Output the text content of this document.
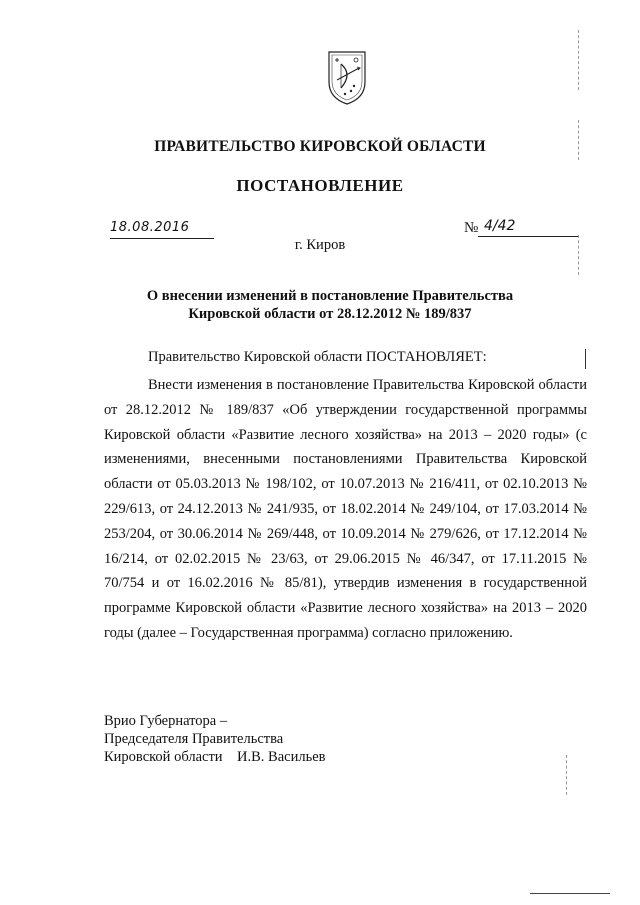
ПРАВИТЕЛЬСТВО КИРОВСКОЙ ОБЛАСТИ
ПОСТАНОВЛЕНИЕ
18.08.2016	№ 4/42
г. Киров
О внесении изменений в постановление Правительства
Кировской области от 28.12.2012 № 189/837
Правительство Кировской области ПОСТАНОВЛЯЕТ:

Внести изменения в постановление Правительства Кировской области от 28.12.2012 № 189/837 «Об утверждении государственной программы Кировской области «Развитие лесного хозяйства» на 2013 – 2020 годы» (с изменениями, внесенными постановлениями Правительства Кировской области от 05.03.2013 № 198/102, от 10.07.2013 № 216/411, от 02.10.2013 № 229/613, от 24.12.2013 № 241/935, от 18.02.2014 № 249/104, от 17.03.2014 № 253/204, от 30.06.2014 № 269/448, от 10.09.2014 № 279/626, от 17.12.2014 № 16/214, от 02.02.2015 № 23/63, от 29.06.2015 № 46/347, от 17.11.2015 № 70/754 и от 16.02.2016 № 85/81), утвердив изменения в государственной программе Кировской области «Развитие лесного хозяйства» на 2013 – 2020 годы (далее – Государственная программа) согласно приложению.

Врио Губернатора –
Председателя Правительства
Кировской области    И.В. Васильев
